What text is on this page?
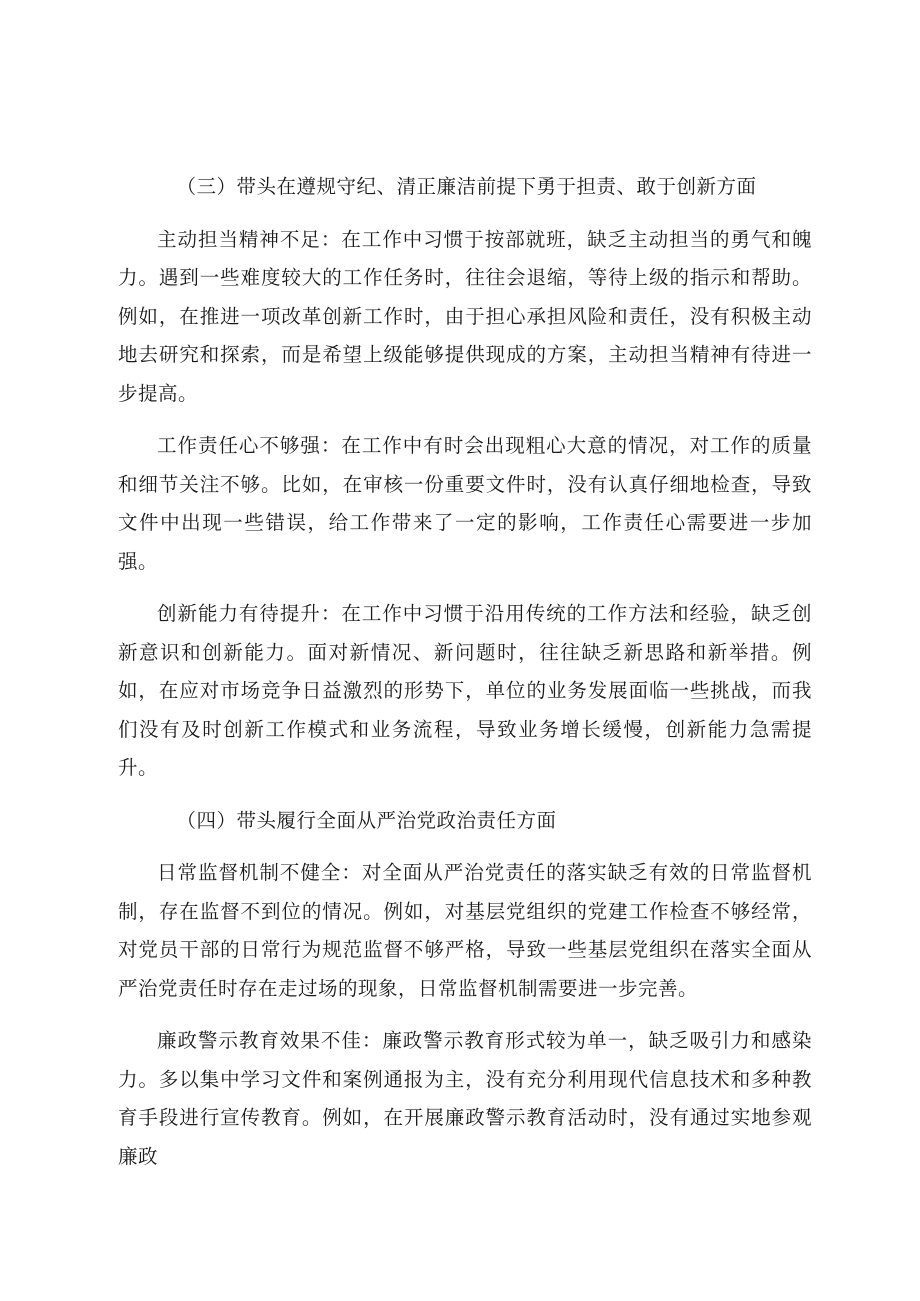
（三）带头在遵规守纪、清正廉洁前提下勇于担责、敢于创新方面

主动担当精神不足：在工作中习惯于按部就班，缺乏主动担当的勇气和魄力。遇到一些难度较大的工作任务时，往往会退缩，等待上级的指示和帮助。例如，在推进一项改革创新工作时，由于担心承担风险和责任，没有积极主动地去研究和探索，而是希望上级能够提供现成的方案，主动担当精神有待进一步提高。

工作责任心不够强：在工作中有时会出现粗心大意的情况，对工作的质量和细节关注不够。比如，在审核一份重要文件时，没有认真仔细地检查，导致文件中出现一些错误，给工作带来了一定的影响，工作责任心需要进一步加强。

创新能力有待提升：在工作中习惯于沿用传统的工作方法和经验，缺乏创新意识和创新能力。面对新情况、新问题时，往往缺乏新思路和新举措。例如，在应对市场竞争日益激烈的形势下，单位的业务发展面临一些挑战，而我们没有及时创新工作模式和业务流程，导致业务增长缓慢，创新能力急需提升。

（四）带头履行全面从严治党政治责任方面

日常监督机制不健全：对全面从严治党责任的落实缺乏有效的日常监督机制，存在监督不到位的情况。例如，对基层党组织的党建工作检查不够经常，对党员干部的日常行为规范监督不够严格，导致一些基层党组织在落实全面从严治党责任时存在走过场的现象，日常监督机制需要进一步完善。

廉政警示教育效果不佳：廉政警示教育形式较为单一，缺乏吸引力和感染力。多以集中学习文件和案例通报为主，没有充分利用现代信息技术和多种教育手段进行宣传教育。例如，在开展廉政警示教育活动时，没有通过实地参观廉政
